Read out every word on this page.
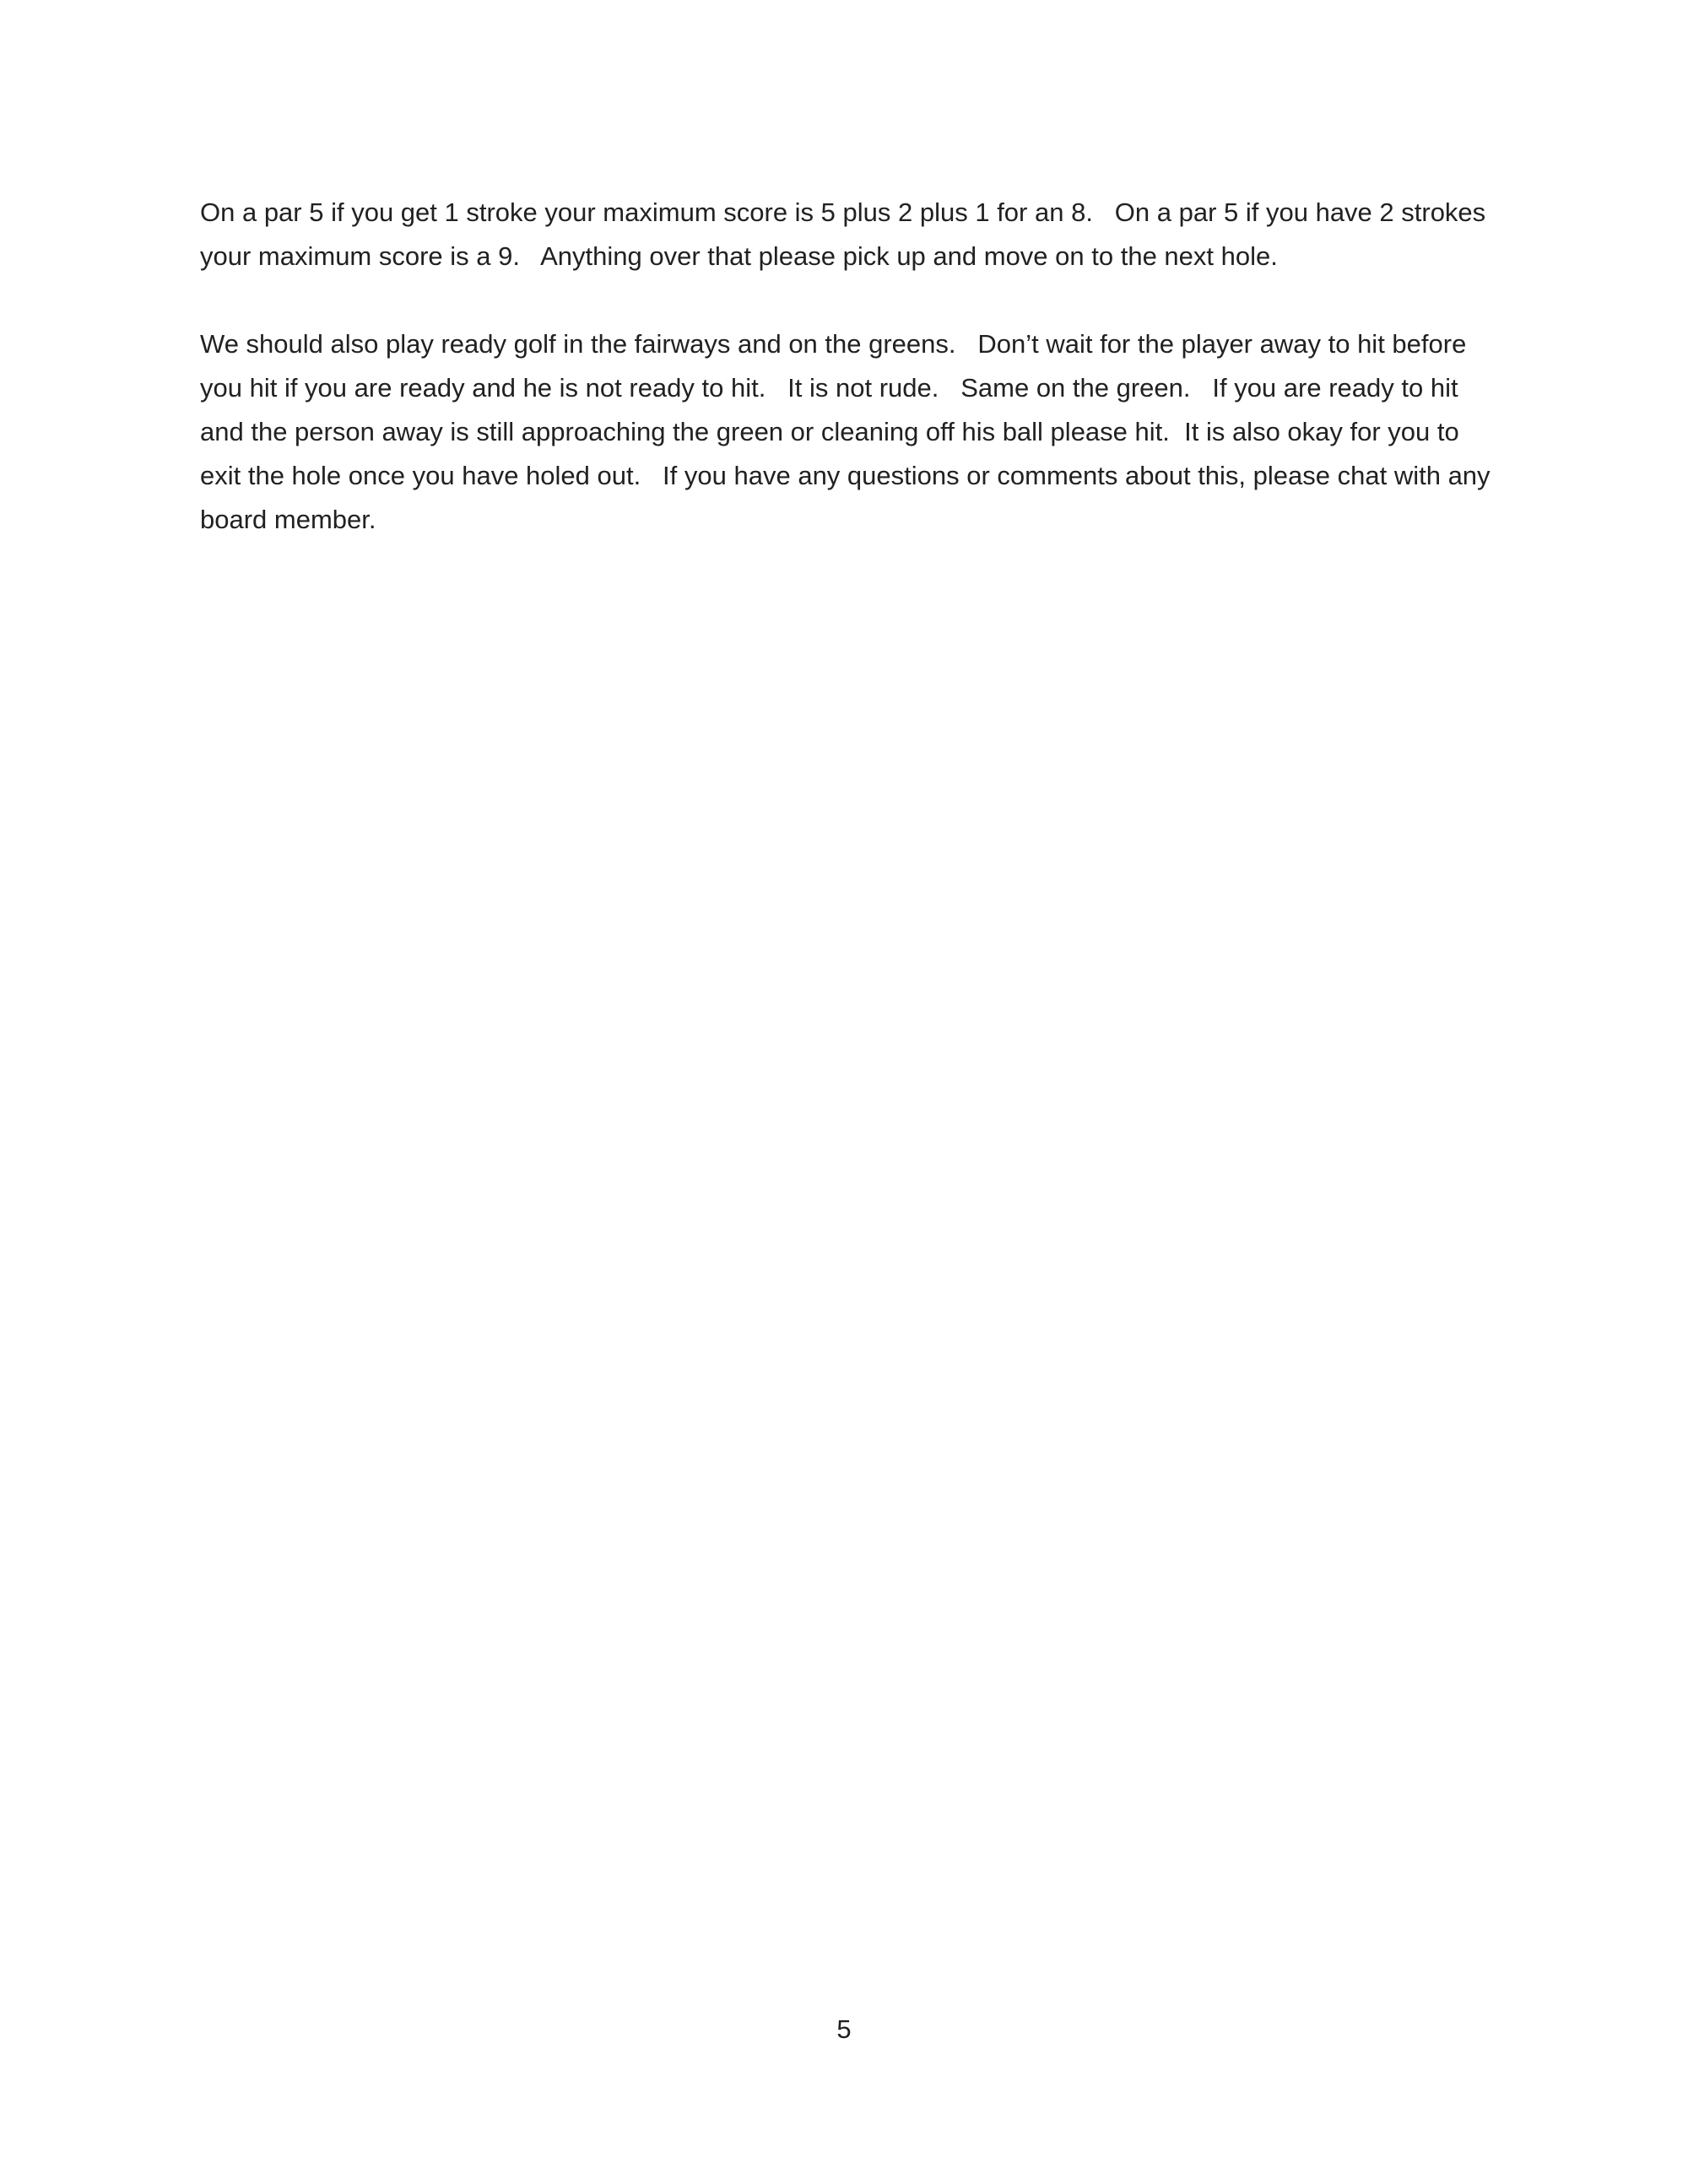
On a par 5 if you get 1 stroke your maximum score is 5 plus 2 plus 1 for an 8.   On a par 5 if you have 2 strokes your maximum score is a 9.   Anything over that please pick up and move on to the next hole.

We should also play ready golf in the fairways and on the greens.   Don’t wait for the player away to hit before you hit if you are ready and he is not ready to hit.   It is not rude.   Same on the green.   If you are ready to hit and the person away is still approaching the green or cleaning off his ball please hit.  It is also okay for you to exit the hole once you have holed out.   If you have any questions or comments about this, please chat with any board member.

5
